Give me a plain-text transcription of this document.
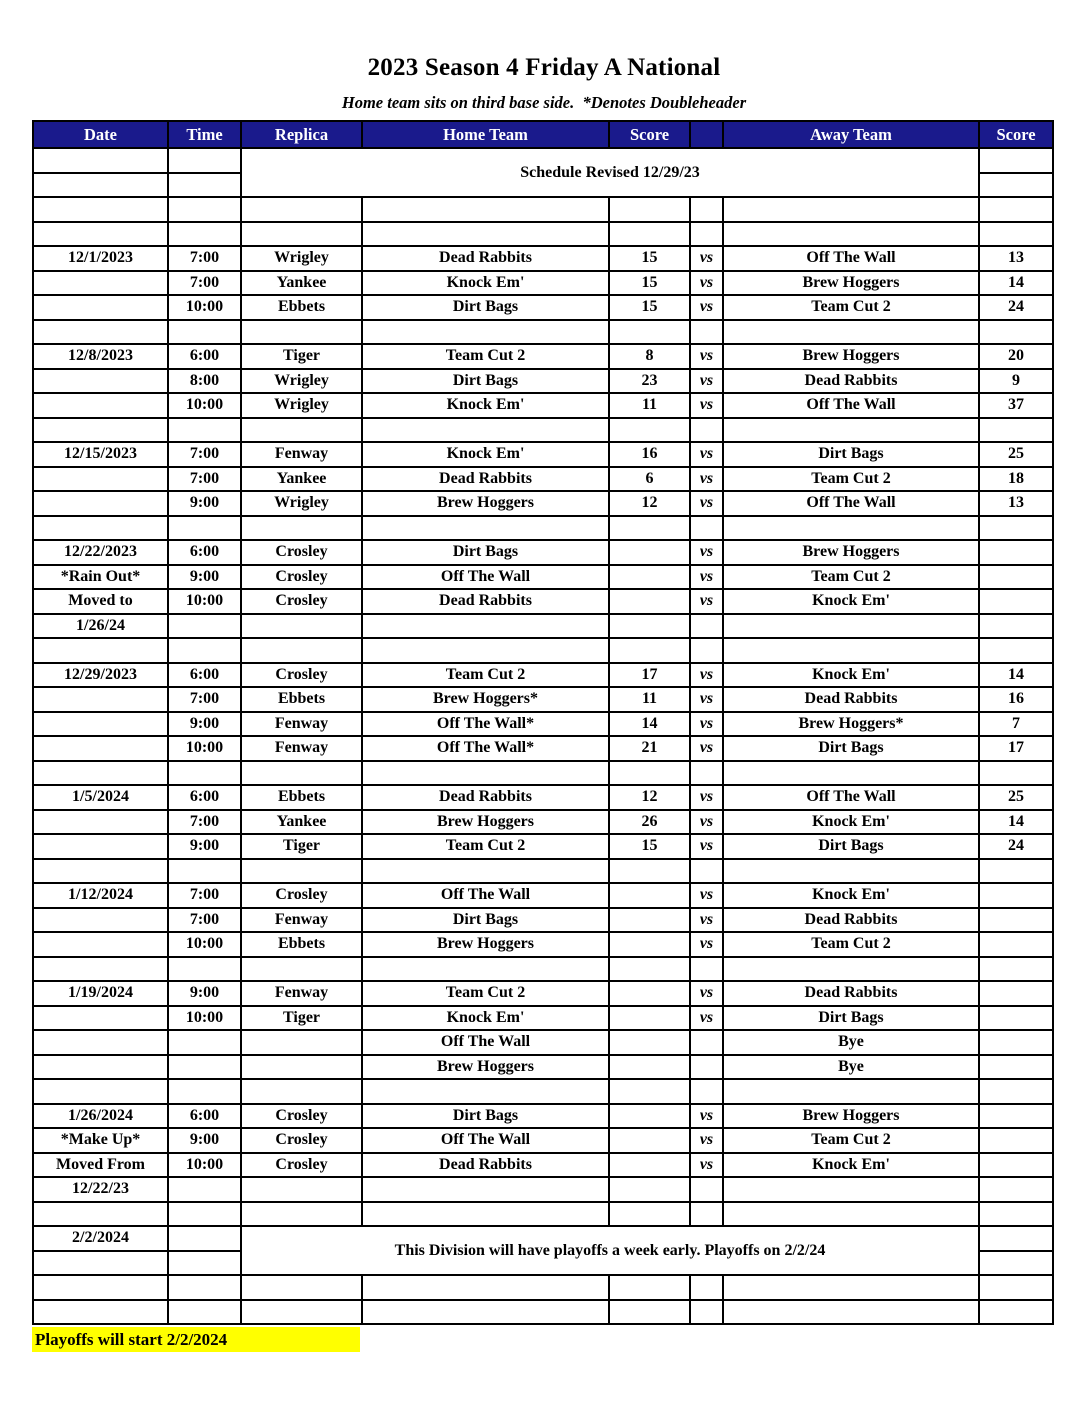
2023 Season 4 Friday A National
Home team sits on third base side.  *Denotes Doubleheader
Date	Time	Replica	Home Team	Score		Away Team	Score
		Schedule Revised 12/29/23					

12/1/2023	7:00	Wrigley	Dead Rabbits	15	vs	Off The Wall	13
	7:00	Yankee	Knock Em'	15	vs	Brew Hoggers	14
	10:00	Ebbets	Dirt Bags	15	vs	Team Cut 2	24

12/8/2023	6:00	Tiger	Team Cut 2	8	vs	Brew Hoggers	20
	8:00	Wrigley	Dirt Bags	23	vs	Dead Rabbits	9
	10:00	Wrigley	Knock Em'	11	vs	Off The Wall	37

12/15/2023	7:00	Fenway	Knock Em'	16	vs	Dirt Bags	25
	7:00	Yankee	Dead Rabbits	6	vs	Team Cut 2	18
	9:00	Wrigley	Brew Hoggers	12	vs	Off The Wall	13

12/22/2023	6:00	Crosley	Dirt Bags		vs	Brew Hoggers	
*Rain Out*	9:00	Crosley	Off The Wall		vs	Team Cut 2	
Moved to	10:00	Crosley	Dead Rabbits		vs	Knock Em'	
1/26/24							

12/29/2023	6:00	Crosley	Team Cut 2	17	vs	Knock Em'	14
	7:00	Ebbets	Brew Hoggers*	11	vs	Dead Rabbits	16
	9:00	Fenway	Off The Wall*	14	vs	Brew Hoggers*	7
	10:00	Fenway	Off The Wall*	21	vs	Dirt Bags	17

1/5/2024	6:00	Ebbets	Dead Rabbits	12	vs	Off The Wall	25
	7:00	Yankee	Brew Hoggers	26	vs	Knock Em'	14
	9:00	Tiger	Team Cut 2	15	vs	Dirt Bags	24

1/12/2024	7:00	Crosley	Off The Wall		vs	Knock Em'	
	7:00	Fenway	Dirt Bags		vs	Dead Rabbits	
	10:00	Ebbets	Brew Hoggers		vs	Team Cut 2	

1/19/2024	9:00	Fenway	Team Cut 2		vs	Dead Rabbits	
	10:00	Tiger	Knock Em'		vs	Dirt Bags	
			Off The Wall			Bye	
			Brew Hoggers			Bye	

1/26/2024	6:00	Crosley	Dirt Bags		vs	Brew Hoggers	
*Make Up*	9:00	Crosley	Off The Wall		vs	Team Cut 2	
Moved From	10:00	Crosley	Dead Rabbits		vs	Knock Em'	
12/22/23							

2/2/2024		This Division will have playoffs a week early. Playoffs on 2/2/24					

Playoffs will start 2/2/2024
